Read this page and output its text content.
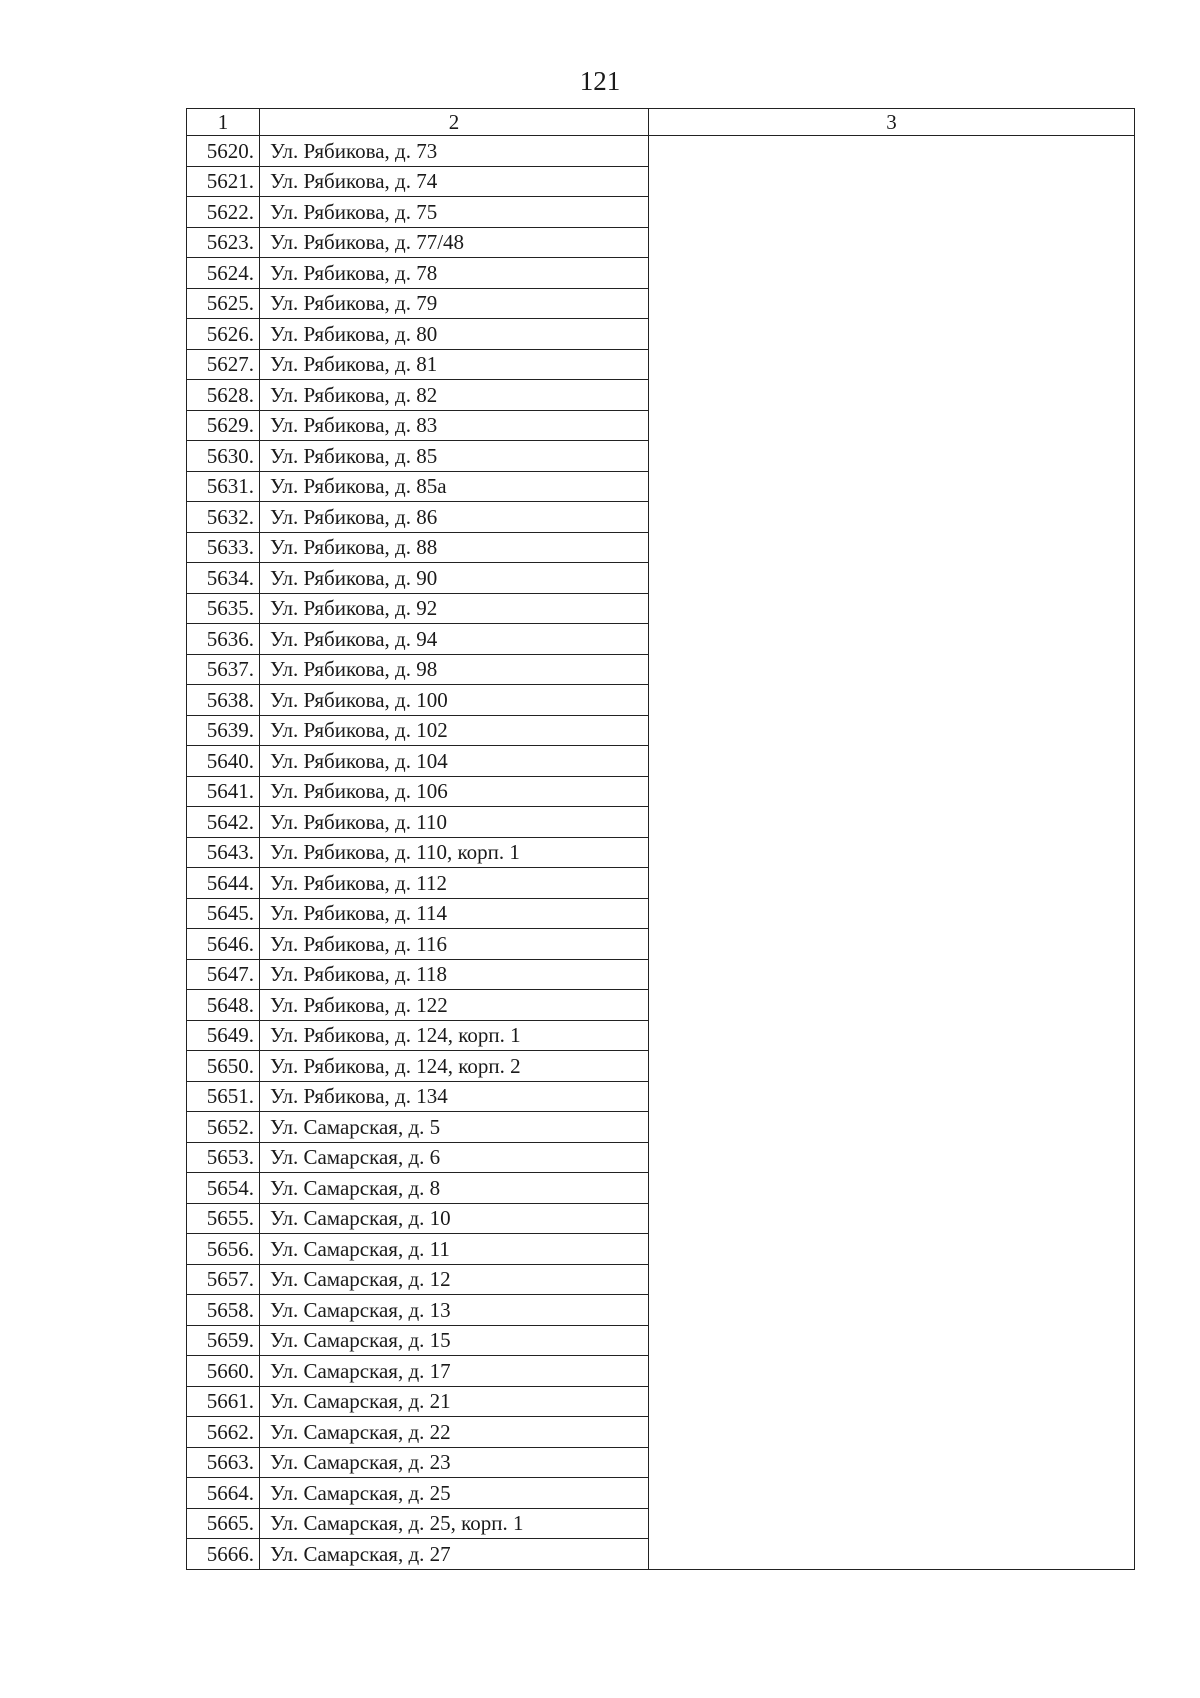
121
1	2	3
5620.	Ул. Рябикова, д. 73	
5621.	Ул. Рябикова, д. 74	
5622.	Ул. Рябикова, д. 75	
5623.	Ул. Рябикова, д. 77/48	
5624.	Ул. Рябикова, д. 78	
5625.	Ул. Рябикова, д. 79	
5626.	Ул. Рябикова, д. 80	
5627.	Ул. Рябикова, д. 81	
5628.	Ул. Рябикова, д. 82	
5629.	Ул. Рябикова, д. 83	
5630.	Ул. Рябикова, д. 85	
5631.	Ул. Рябикова, д. 85а	
5632.	Ул. Рябикова, д. 86	
5633.	Ул. Рябикова, д. 88	
5634.	Ул. Рябикова, д. 90	
5635.	Ул. Рябикова, д. 92	
5636.	Ул. Рябикова, д. 94	
5637.	Ул. Рябикова, д. 98	
5638.	Ул. Рябикова, д. 100	
5639.	Ул. Рябикова, д. 102	
5640.	Ул. Рябикова, д. 104	
5641.	Ул. Рябикова, д. 106	
5642.	Ул. Рябикова, д. 110	
5643.	Ул. Рябикова, д. 110, корп. 1	
5644.	Ул. Рябикова, д. 112	
5645.	Ул. Рябикова, д. 114	
5646.	Ул. Рябикова, д. 116	
5647.	Ул. Рябикова, д. 118	
5648.	Ул. Рябикова, д. 122	
5649.	Ул. Рябикова, д. 124, корп. 1	
5650.	Ул. Рябикова, д. 124, корп. 2	
5651.	Ул. Рябикова, д. 134	
5652.	Ул. Самарская, д. 5	
5653.	Ул. Самарская, д. 6	
5654.	Ул. Самарская, д. 8	
5655.	Ул. Самарская, д. 10	
5656.	Ул. Самарская, д. 11	
5657.	Ул. Самарская, д. 12	
5658.	Ул. Самарская, д. 13	
5659.	Ул. Самарская, д. 15	
5660.	Ул. Самарская, д. 17	
5661.	Ул. Самарская, д. 21	
5662.	Ул. Самарская, д. 22	
5663.	Ул. Самарская, д. 23	
5664.	Ул. Самарская, д. 25	
5665.	Ул. Самарская, д. 25, корп. 1	
5666.	Ул. Самарская, д. 27	
